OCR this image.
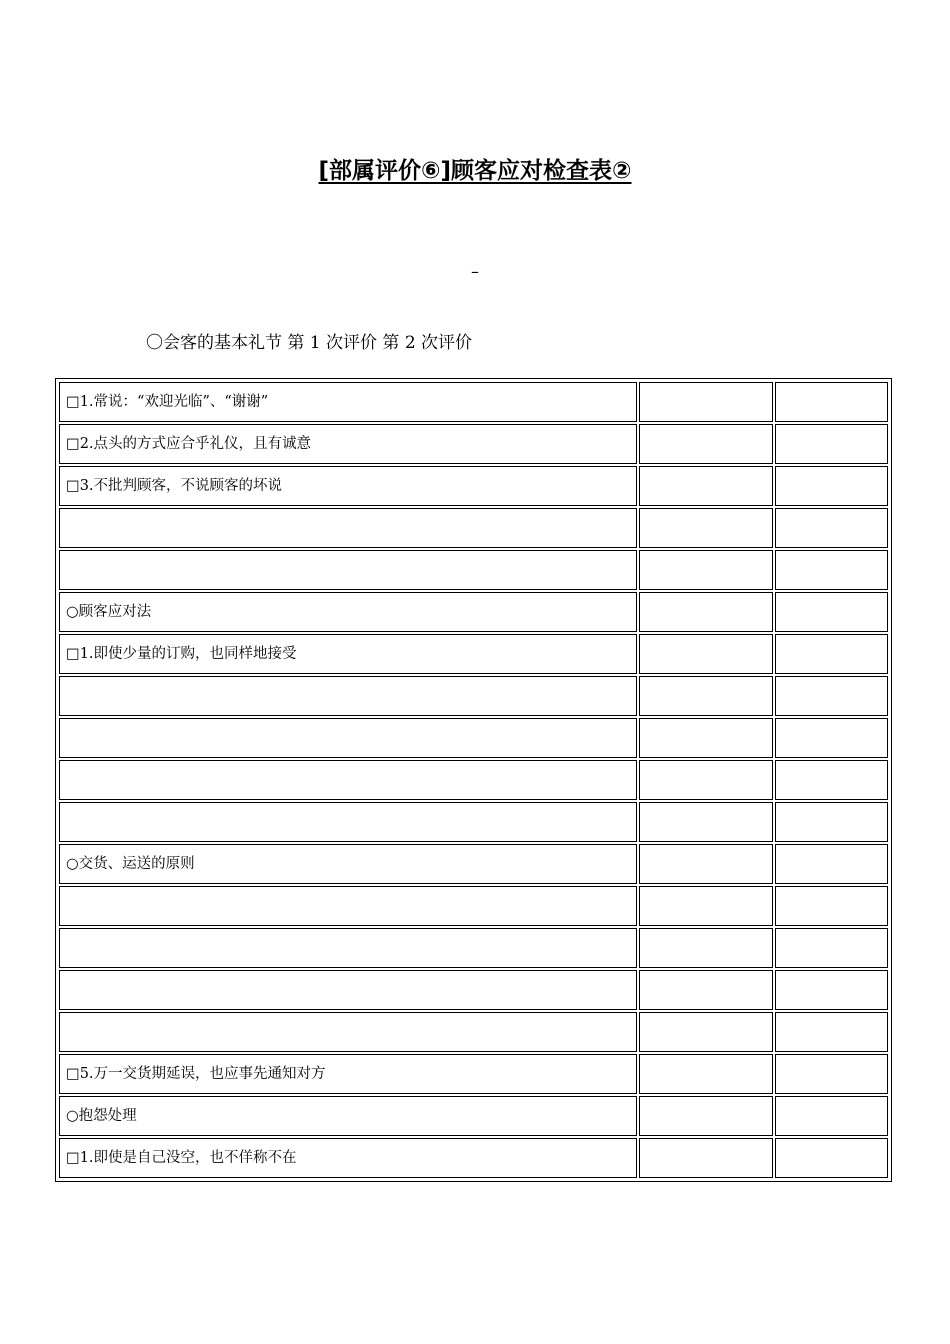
[部属评价⑥]顾客应对检查表②
–
〇会客的基本礼节 第 1 次评价 第 2 次评价
□1.常说：“欢迎光临”、“谢谢”		
□2.点头的方式应合乎礼仪，且有诚意		
□3.不批判顾客，不说顾客的坏说		

○顾客应对法		
□1.即使少量的订购，也同样地接受		

○交货、运送的原则		

□5.万一交货期延误，也应事先通知对方		
○抱怨处理		
□1.即使是自己没空，也不佯称不在		
